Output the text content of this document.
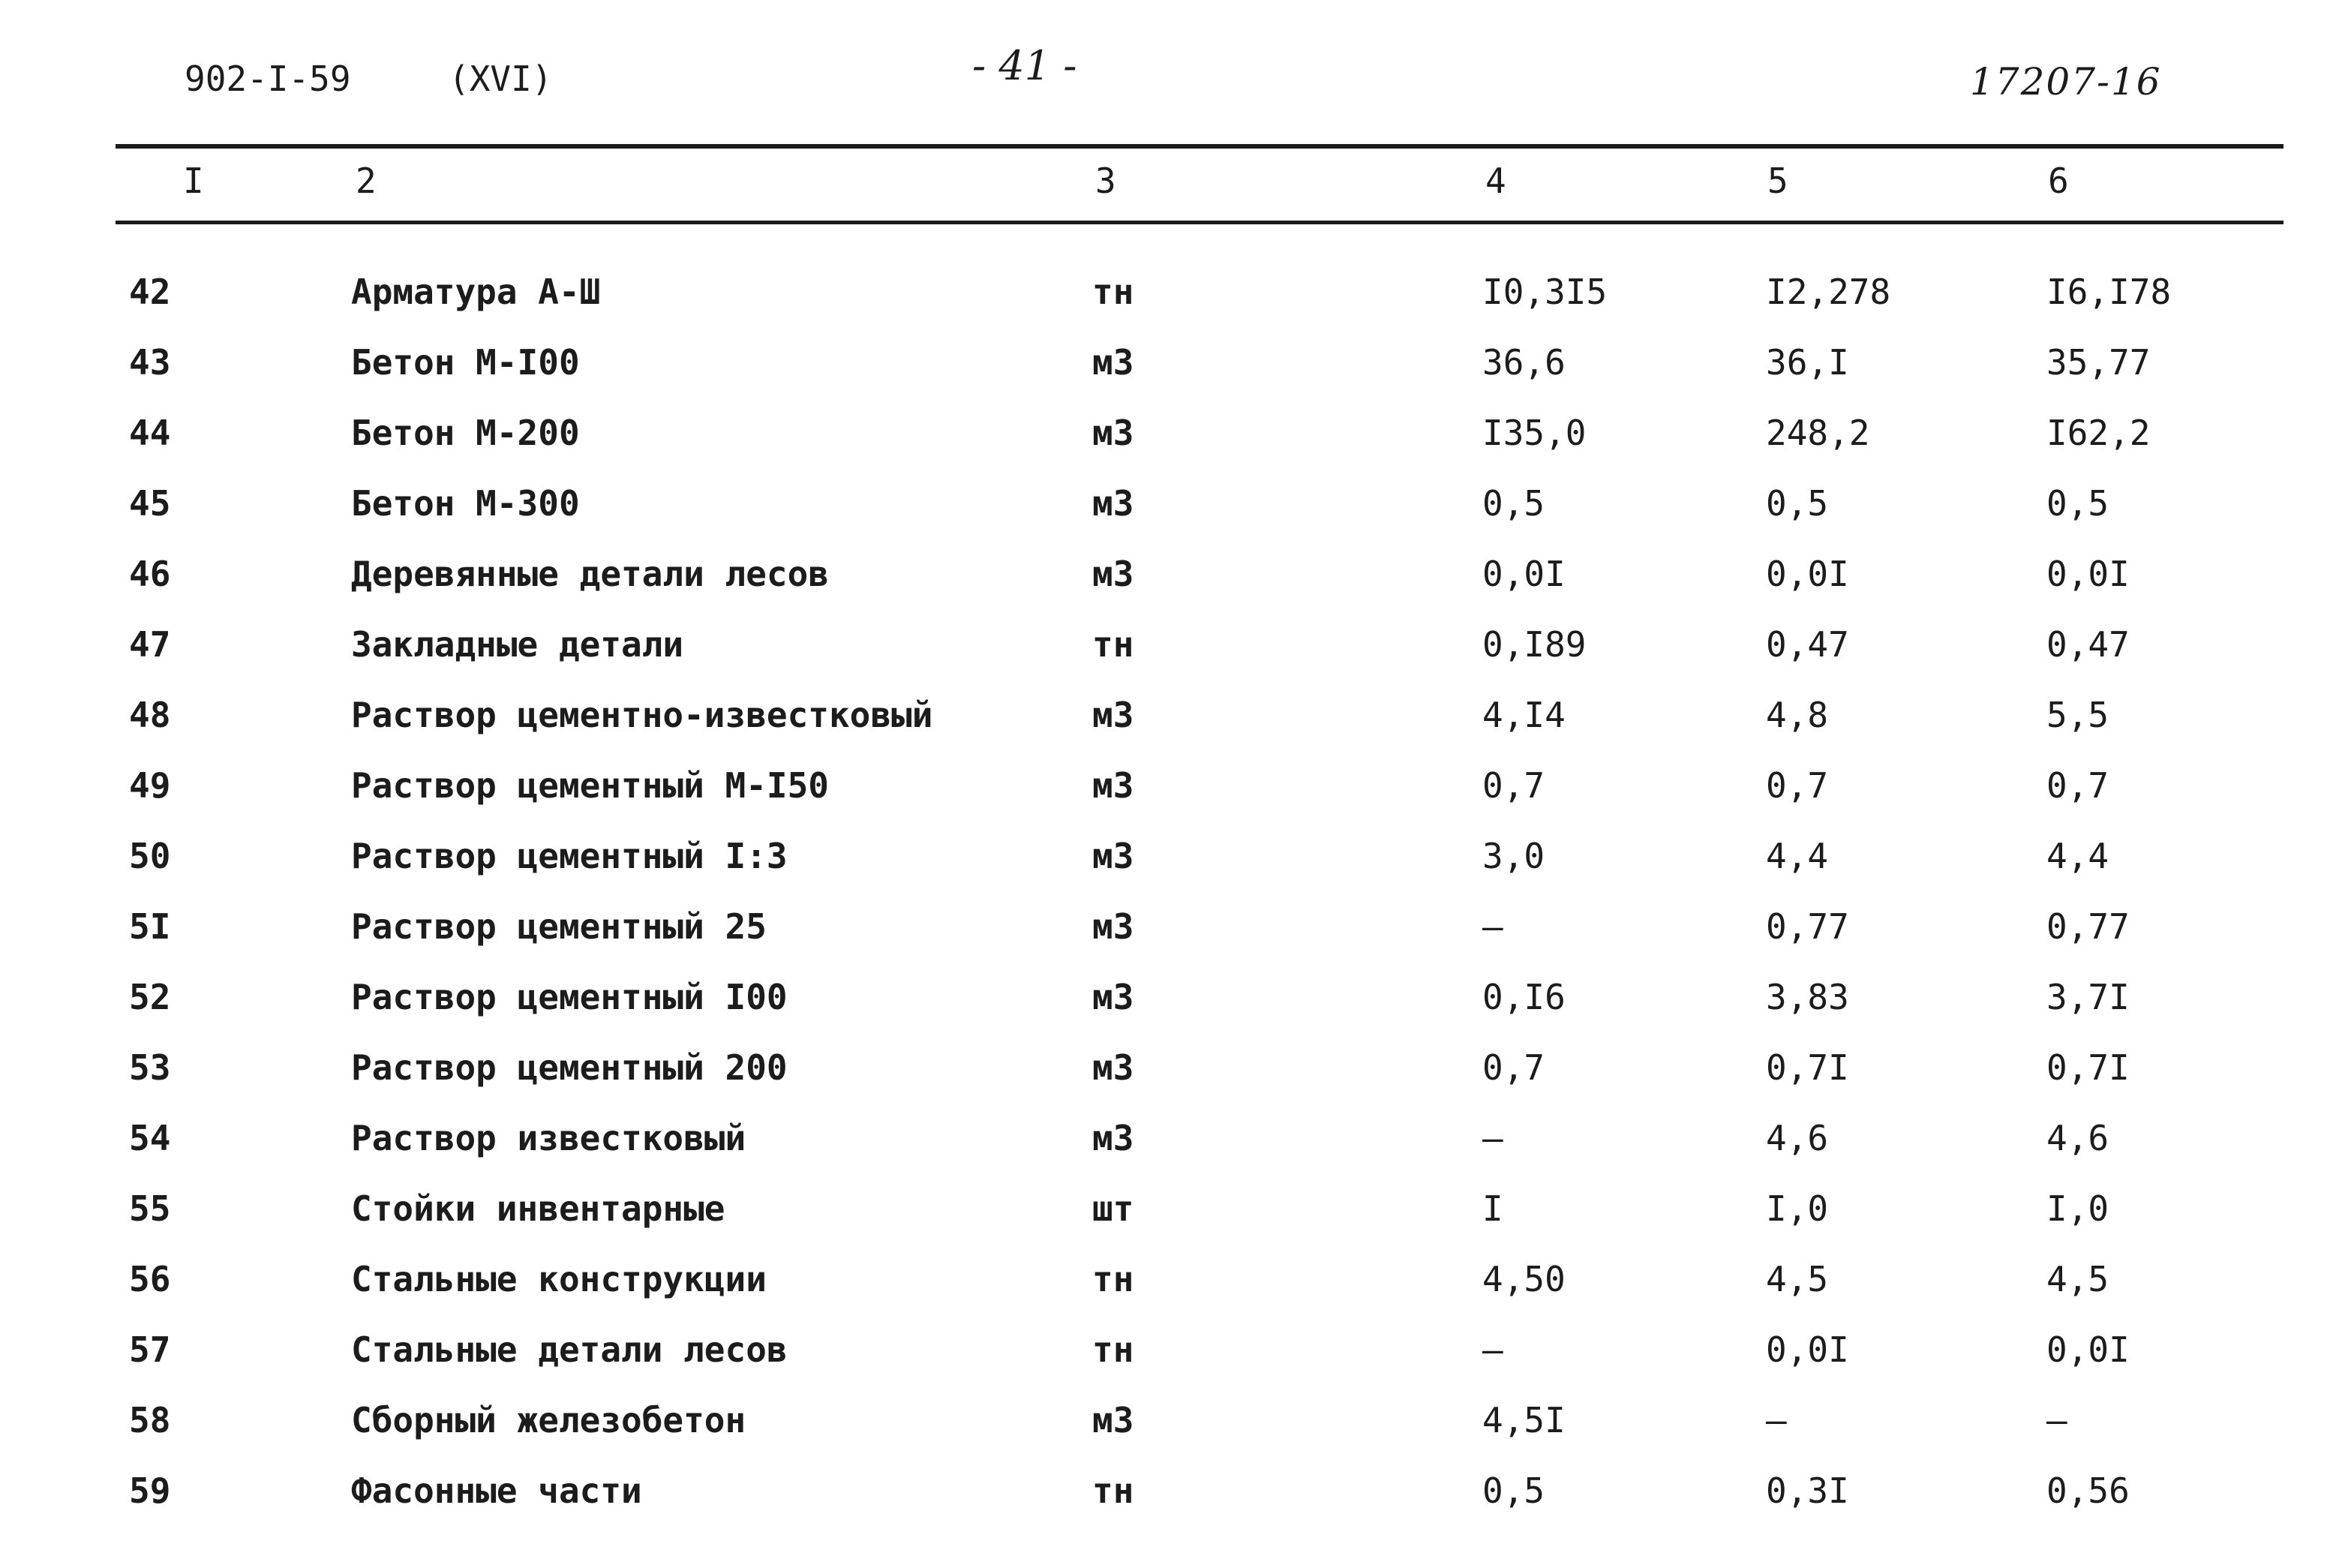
902-I-59	(XVI)	- 41 -	17207-16
I	2	3	4	5	6
42	Арматура А-Ш	тн	I0,3I5	I2,278	I6,I78
43	Бетон М-I00	м3	36,6	36,I	35,77
44	Бетон М-200	м3	I35,0	248,2	I62,2
45	Бетон М-300	м3	0,5	0,5	0,5
46	Деревянные детали лесов	м3	0,0I	0,0I	0,0I
47	Закладные детали	тн	0,I89	0,47	0,47
48	Раствор цементно-известковый	м3	4,I4	4,8	5,5
49	Раствор цементный М-I50	м3	0,7	0,7	0,7
50	Раствор цементный I:3	м3	3,0	4,4	4,4
5I	Раствор цементный 25	м3	–	0,77	0,77
52	Раствор цементный I00	м3	0,I6	3,83	3,7I
53	Раствор цементный 200	м3	0,7	0,7I	0,7I
54	Раствор известковый	м3	–	4,6	4,6
55	Стойки инвентарные	шт	I	I,0	I,0
56	Стальные конструкции	тн	4,50	4,5	4,5
57	Стальные детали лесов	тн	–	0,0I	0,0I
58	Сборный железобетон	м3	4,5I	–	–
59	Фасонные части	тн	0,5	0,3I	0,56
